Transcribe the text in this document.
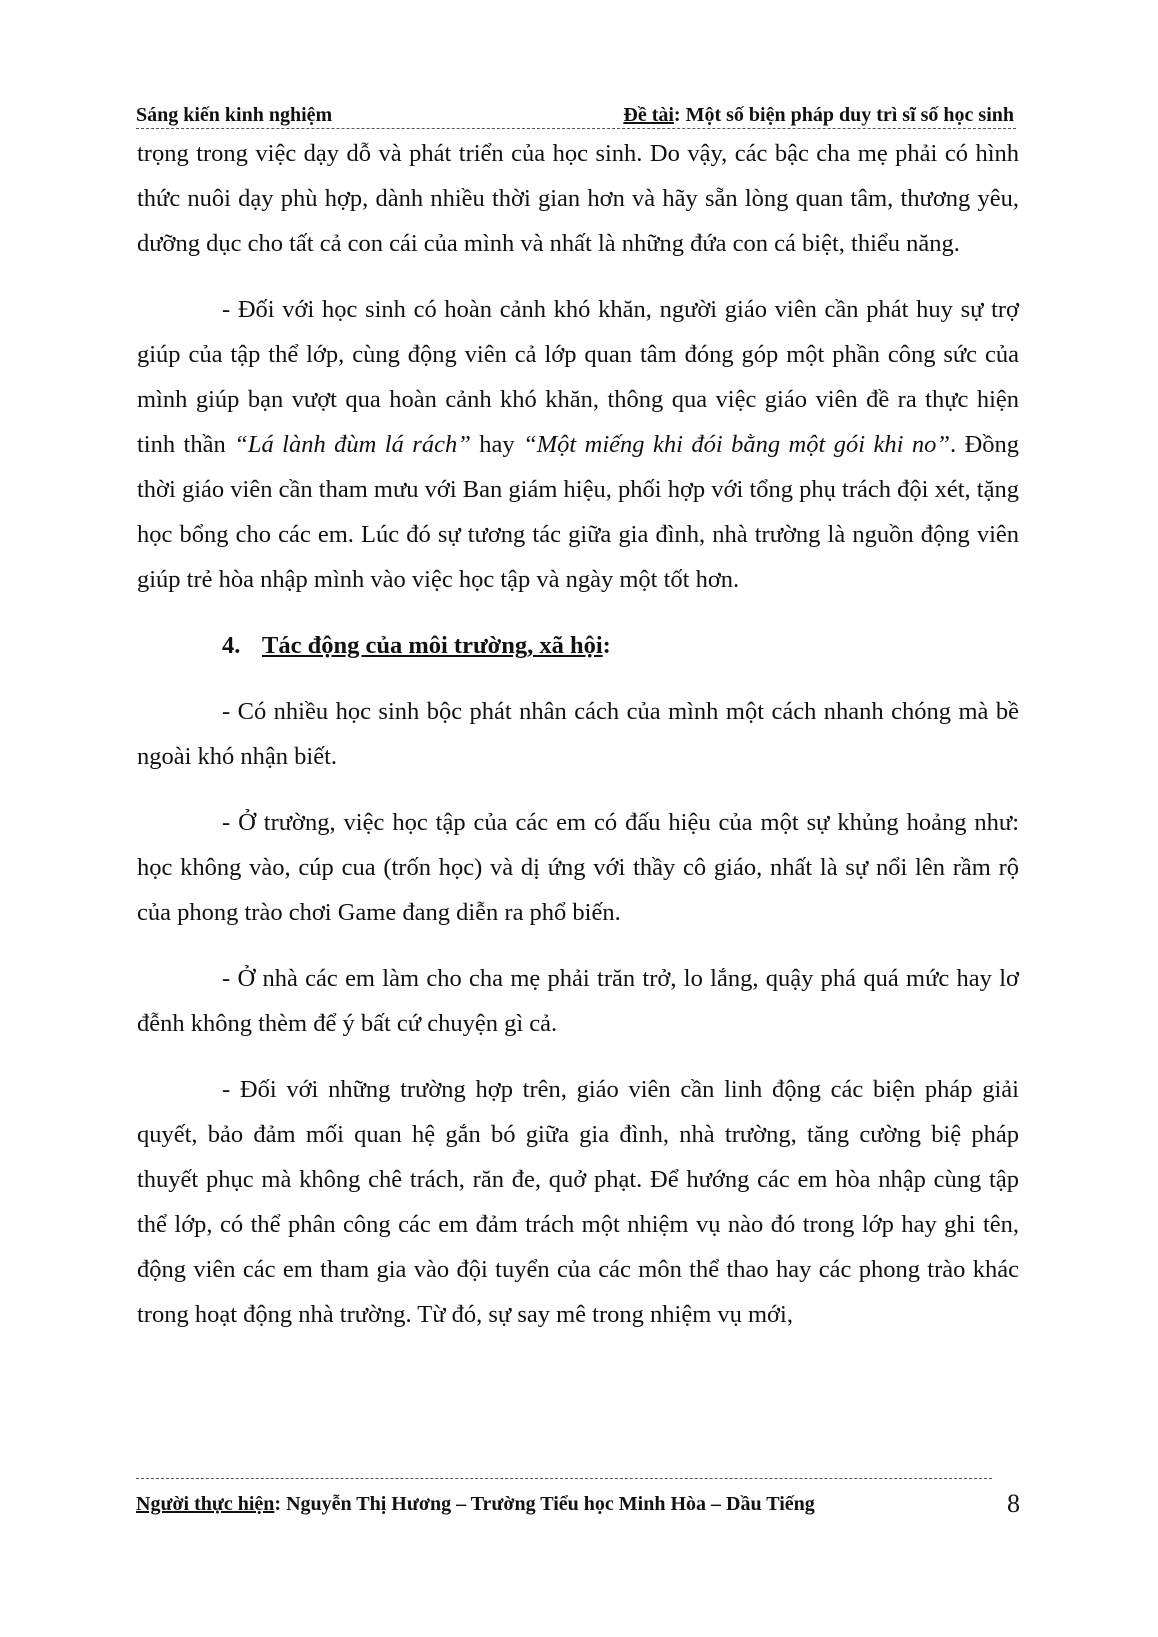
Sáng kiến kinh nghiệm	Đề tài: Một số biện pháp duy trì sĩ số học sinh

trọng trong việc dạy dỗ và phát triển của học sinh. Do vậy, các bậc cha mẹ phải có hình thức nuôi dạy phù hợp, dành nhiều thời gian hơn và hãy sẵn lòng quan tâm, thương yêu, dưỡng dục cho tất cả con cái của mình và nhất là những đứa con cá biệt, thiểu năng.

- Đối với học sinh có hoàn cảnh khó khăn, người giáo viên cần phát huy sự trợ giúp của tập thể lớp, cùng động viên cả lớp quan tâm đóng góp một phần công sức của mình giúp bạn vượt qua hoàn cảnh khó khăn, thông qua việc giáo viên đề ra thực hiện tinh thần “Lá lành đùm lá rách” hay “Một miếng khi đói bằng một gói khi no”. Đồng thời giáo viên cần tham mưu với Ban giám hiệu, phối hợp với tổng phụ trách đội xét, tặng học bổng cho các em. Lúc đó sự tương tác giữa gia đình, nhà trường là nguồn động viên giúp trẻ hòa nhập mình vào việc học tập và ngày một tốt hơn.

4. Tác động của môi trường, xã hội:

- Có nhiều học sinh bộc phát nhân cách của mình một cách nhanh chóng mà bề ngoài khó nhận biết.

- Ở trường, việc học tập của các em có đấu hiệu của một sự khủng hoảng như: học không vào, cúp cua (trốn học) và dị ứng với thầy cô giáo, nhất là sự nổi lên rầm rộ của phong trào chơi Game đang diễn ra phổ biến.

- Ở nhà các em làm cho cha mẹ phải trăn trở, lo lắng, quậy phá quá mức hay lơ đễnh không thèm để ý bất cứ chuyện gì cả.

- Đối với những trường hợp trên, giáo viên cần linh động các biện pháp giải quyết, bảo đảm mối quan hệ gắn bó giữa gia đình, nhà trường, tăng cường biệ pháp thuyết phục mà không chê trách, răn đe, quở phạt. Để hướng các em hòa nhập cùng tập thể lớp, có thể phân công các em đảm trách một nhiệm vụ nào đó trong lớp hay ghi tên, động viên các em tham gia vào đội tuyển của các môn thể thao hay các phong trào khác trong hoạt động nhà trường. Từ đó, sự say mê trong nhiệm vụ mới,

Người thực hiện: Nguyễn Thị Hương – Trường Tiểu học Minh Hòa – Dầu Tiếng	8
